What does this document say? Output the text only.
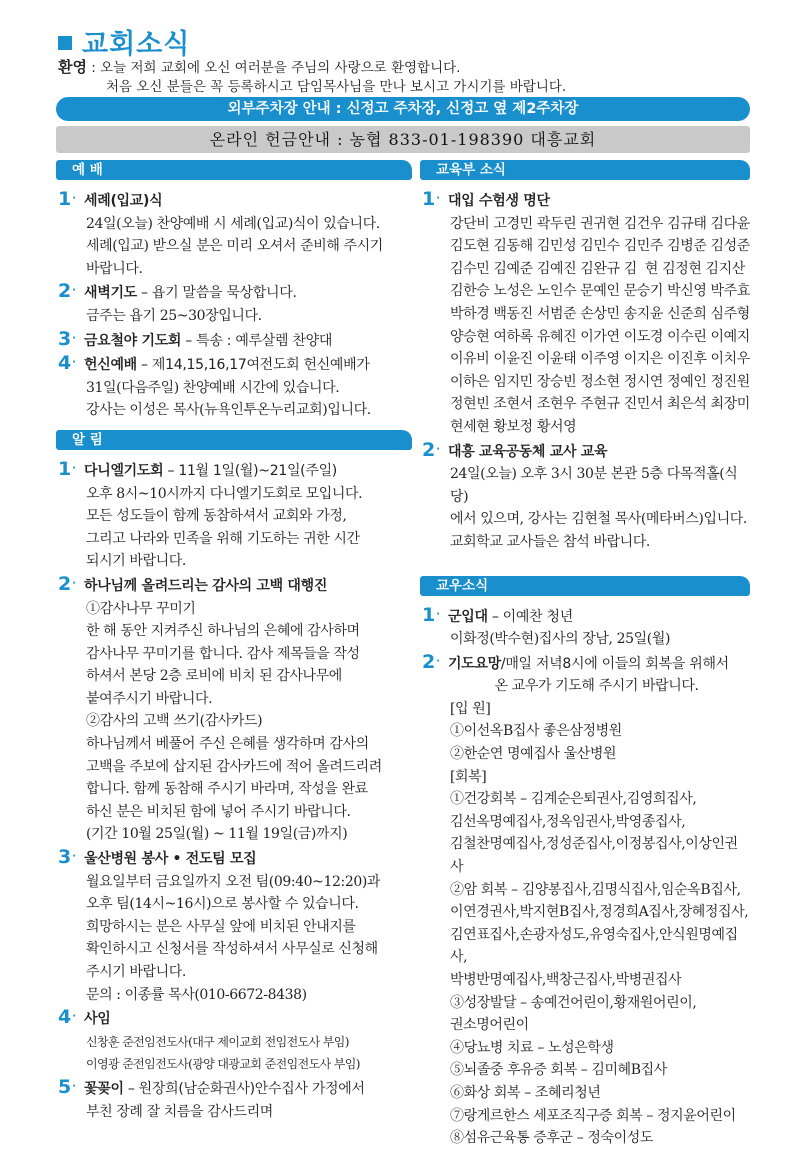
교회소식
환영 : 오늘 저희 교회에 오신 여러분을 주님의 사랑으로 환영합니다.
처음 오신 분들은 꼭 등록하시고 담임목사님을 만나 보시고 가시기를 바랍니다.
외부주차장 안내 : 신정고 주차장, 신정고 옆 제2주차장
온라인 헌금안내 : 농협 833-01-198390 대흥교회
예 배
1· 세례(입교)식
24일(오늘) 찬양예배 시 세례(입교)식이 있습니다.
세례(입교) 받으실 분은 미리 오셔서 준비해 주시기
바랍니다.
2· 새벽기도 – 욥기 말씀을 묵상합니다.
금주는 욥기 25~30장입니다.
3· 금요철야 기도회 – 특송 : 예루살렘 찬양대
4· 헌신예배 – 제14,15,16,17여전도회 헌신예배가
31일(다음주일) 찬양예배 시간에 있습니다.
강사는 이성은 목사(뉴욕인투온누리교회)입니다.
알 림
1· 다니엘기도회 – 11월 1일(월)~21일(주일)
오후 8시~10시까지 다니엘기도회로 모입니다.
모든 성도들이 함께 동참하셔서 교회와 가정,
그리고 나라와 민족을 위해 기도하는 귀한 시간
되시기 바랍니다.
2· 하나님께 올려드리는 감사의 고백 대행진
①감사나무 꾸미기
한 해 동안 지켜주신 하나님의 은혜에 감사하며
감사나무 꾸미기를 합니다. 감사 제목들을 작성
하셔서 본당 2층 로비에 비치 된 감사나무에
붙여주시기 바랍니다.
②감사의 고백 쓰기(감사카드)
하나님께서 베풀어 주신 은혜를 생각하며 감사의
고백을 주보에 삽지된 감사카드에 적어 올려드리려
합니다. 함께 동참해 주시기 바라며, 작성을 완료
하신 분은 비치된 함에 넣어 주시기 바랍니다.
(기간 10월 25일(월) ~ 11월 19일(금)까지)
3· 울산병원 봉사 • 전도팀 모집
월요일부터 금요일까지 오전 팀(09:40~12:20)과
오후 팀(14시~16시)으로 봉사할 수 있습니다.
희망하시는 분은 사무실 앞에 비치된 안내지를
확인하시고 신청서를 작성하셔서 사무실로 신청해
주시기 바랍니다.
문의 : 이종률 목사(010-6672-8438)
4· 사임
신창훈 준전임전도사(대구 제이교회 전임전도사 부임)
이영광 준전임전도사(광양 대광교회 준전임전도사 부임)
5· 꽃꽂이 – 원장희(남순화권사)안수집사 가정에서
부친 장례 잘 치름을 감사드리며
교육부 소식
1· 대입 수험생 명단
강단비 고경민 곽두린 권귀현 김건우 김규태 김다윤
김도현 김동해 김민성 김민수 김민주 김병준 김성준
김수민 김예준 김예진 김완규 김  현 김정현 김지산
김한승 노성은 노인수 문예인 문승기 박신영 박주효
박하경 백동진 서범준 손상민 송지윤 신준희 심주형
양승현 여하록 유혜진 이가연 이도경 이수린 이예지
이유비 이윤진 이윤태 이주영 이지은 이진후 이치우
이하은 임지민 장승빈 정소현 정시연 정예인 정진원
정현빈 조현서 조현우 주현규 진민서 최은석 최장미
현세현 황보정 황서영
2· 대흥 교육공동체 교사 교육
24일(오늘) 오후 3시 30분 본관 5층 다목적홀(식당)
에서 있으며, 강사는 김현철 목사(메타버스)입니다.
교회학교 교사들은 참석 바랍니다.
교우소식
1· 군입대 – 이예찬 청년
이화정(박수현)집사의 장남, 25일(월)
2· 기도요망/매일 저녁8시에 이들의 회복을 위해서
온 교우가 기도해 주시기 바랍니다.
[입 원]
①이선옥B집사 좋은삼정병원
②한순연 명예집사 울산병원
[회복]
①건강회복 – 김계순은퇴권사,김영희집사,
김선옥명예집사,정옥임권사,박영종집사,
김철찬명예집사,정성준집사,이정봉집사,이상인권사
②암 회복 – 김양봉집사,김명식집사,임순옥B집사,
이연경권사,박지현B집사,정경희A집사,장혜정집사,
김연표집사,손광자성도,유영숙집사,안식원명예집사,
박병반명예집사,백창근집사,박병권집사
③성장발달 – 송예건어린이,황재원어린이,
권소명어린이
④당뇨병 치료 – 노성은학생
⑤뇌졸중 후유증 회복 – 김미혜B집사
⑥화상 회복 – 조혜리청년
⑦랑게르한스 세포조직구증 회복 – 정지윤어린이
⑧섬유근육통 증후군 – 정숙이성도
